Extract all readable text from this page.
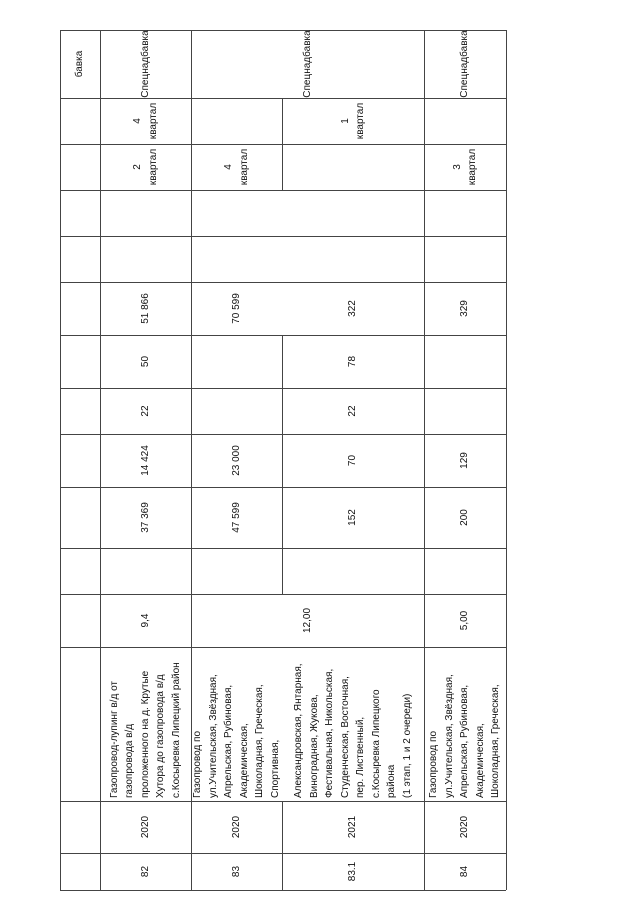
бавка	Спецнад

бавка
Спецнад

бавка
Спецнад

бавка
4
квартал
2
квартал
51 866
50
22
14 424
37 369
9,4
Газопровод-лупинг в/д от
газопровода в/д
проложенного на д. Крутые
Хутора до газопровода в/д
с.Косыревка Липецкий район
2020
82
4
квартал
70 599
23 000
47 599
12,00
Газопровод по
ул.Учительская, Звёздная,
Апрельская, Рубиновая,
Академическая,
Шоколадная, Греческая,
Спортивная,
2020
83
1
квартал
322
78
22
70
152
Александровская, Янтарная,
Виноградная, Жукова,
Фестивальная, Никольская,
Студенческая, Восточная,
пер. Лиственный,
с.Косыревка Липецкого
района
(1 этап, 1 и 2 очереди)
2021
83.1
3
квартал
329
129
200
5,00
Газопровод по
ул.Учительская, Звёздная,
Апрельская, Рубиновая,
Академическая,
Шоколадная, Греческая,
2020
84
